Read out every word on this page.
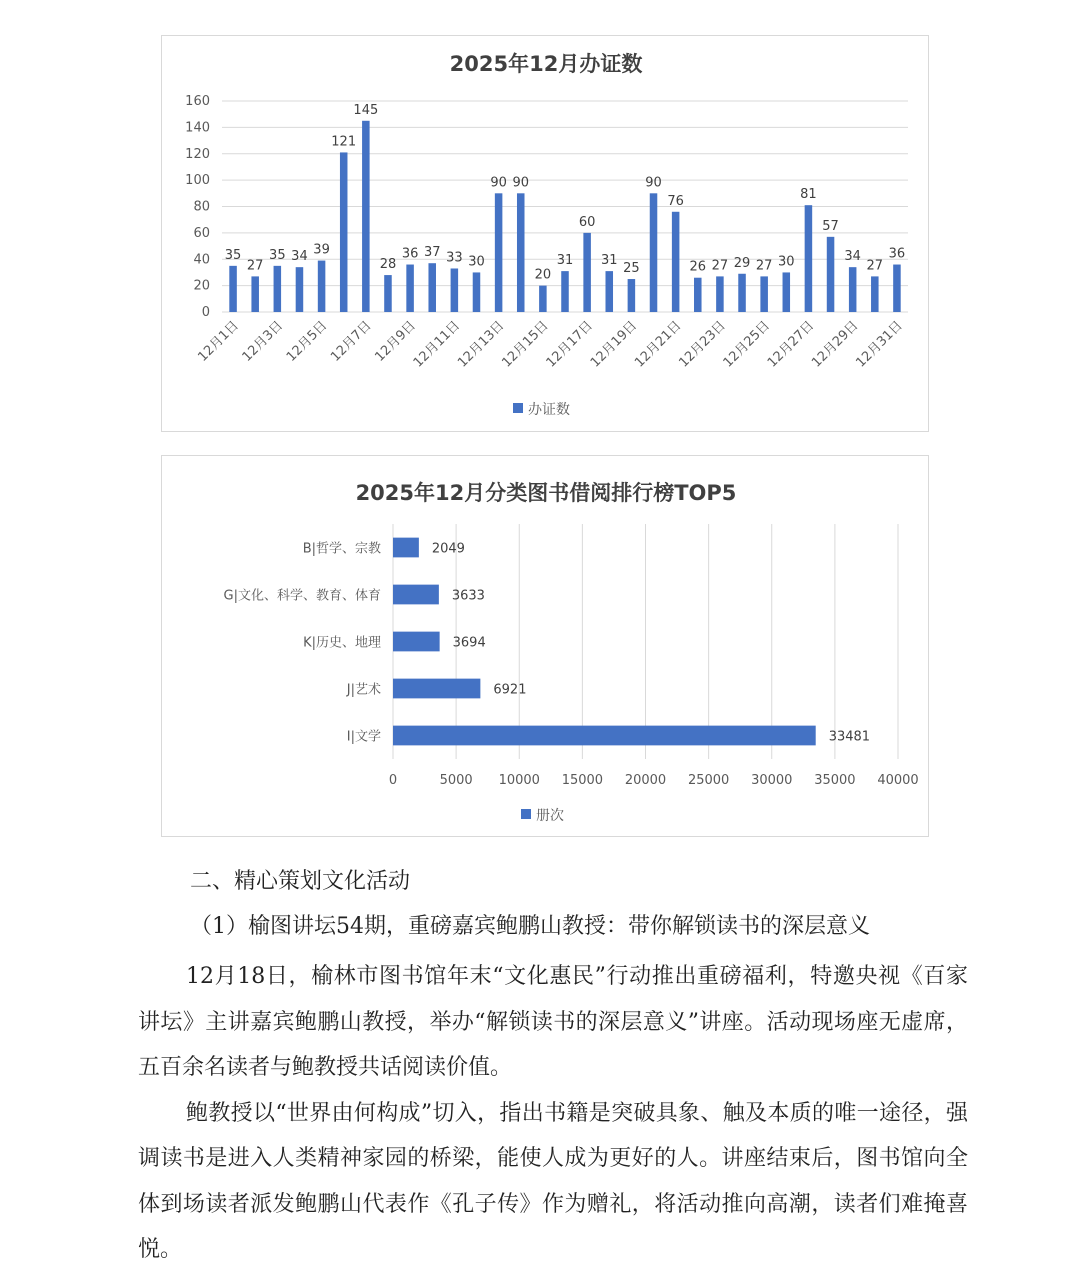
2025年12月办证数
0
20
40
60
80
100
120
140
160
35
27
35 34 39
121
145
28
36 37 33 30
90 90
20
31
60
31
25
90
76
26 27 29 27 30
81
57
34
27
36
12月1日
12月3日
12月5日
12月7日
12月9日
12月11日
12月13日
12月15日
12月17日
12月19日
12月21日
12月23日
12月25日
12月27日
12月29日
12月31日
办证数
2025年12月分类图书借阅排行榜TOP5
B|哲学、宗教
G|文化、科学、教育、体育
K|历史、地理
J|艺术
I|文学
2049
3633
3694
6921
33481
0	5000 10000 15000 20000 25000 30000 35000 40000
册次
二、精心策划文化活动
（1）榆图讲坛54期，重磅嘉宾鲍鹏山教授：带你解锁读书的深层意义

12月18日，榆林市图书馆年末“文化惠民”行动推出重磅福利，特邀央视《百家讲坛》主讲嘉宾鲍鹏山教授，举办“解锁读书的深层意义”讲座。活动现场座无虚席，五百余名读者与鲍教授共话阅读价值。

鲍教授以“世界由何构成”切入，指出书籍是突破具象、触及本质的唯一途径，强调读书是进入人类精神家园的桥梁，能使人成为更好的人。讲座结束后，图书馆向全体到场读者派发鲍鹏山代表作《孔子传》作为赠礼，将活动推向高潮，读者们难掩喜悦。
